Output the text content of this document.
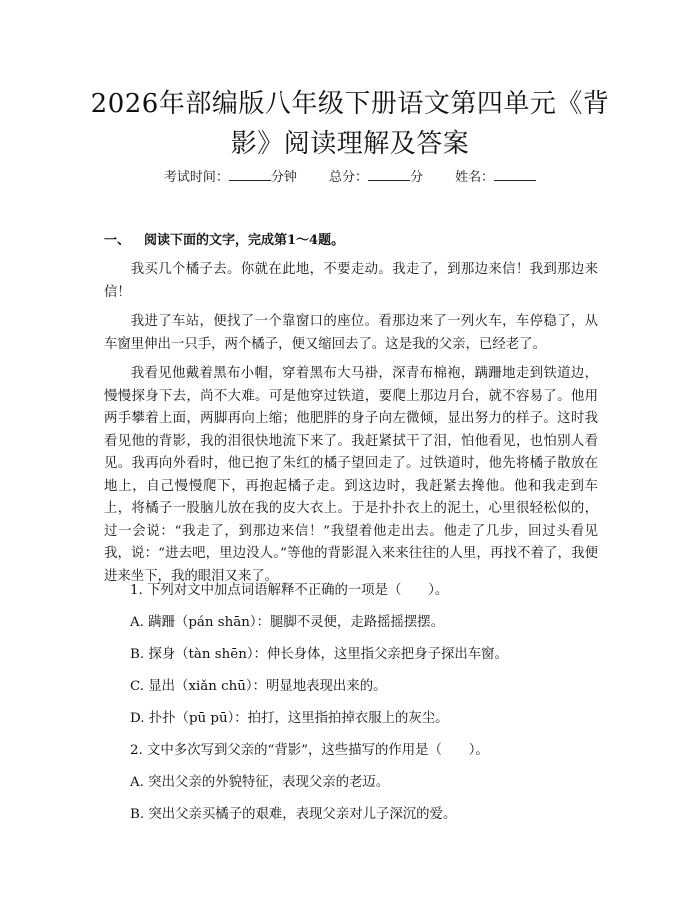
2026年部编版八年级下册语文第四单元《背影》阅读理解及答案
考试时间：	分钟 总分：	分 姓名：
一、 阅读下面的文字，完成第1～4题。

我买几个橘子去。你就在此地，不要走动。我走了，到那边来信！我到那边来信！

我进了车站，便找了一个靠窗口的座位。看那边来了一列火车，车停稳了，从车窗里伸出一只手，两个橘子，便又缩回去了。这是我的父亲，已经老了。

我看见他戴着黑布小帽，穿着黑布大马褂，深青布棉袍，蹒跚地走到铁道边，慢慢探身下去，尚不大难。可是他穿过铁道，要爬上那边月台，就不容易了。他用两手攀着上面，两脚再向上缩；他肥胖的身子向左微倾，显出努力的样子。这时我看见他的背影，我的泪很快地流下来了。我赶紧拭干了泪，怕他看见，也怕别人看见。我再向外看时，他已抱了朱红的橘子望回走了。过铁道时，他先将橘子散放在地上，自己慢慢爬下，再抱起橘子走。到这边时，我赶紧去搀他。他和我走到车上，将橘子一股脑儿放在我的皮大衣上。于是扑扑衣上的泥土，心里很轻松似的，过一会说：“我走了，到那边来信！”我望着他走出去。他走了几步，回过头看见我，说：“进去吧，里边没人。”等他的背影混入来来往往的人里，再找不着了，我便进来坐下，我的眼泪又来了。

1. 下列对文中加点词语解释不正确的一项是（　　）。

A. 蹒跚（pán shān）：腿脚不灵便，走路摇摇摆摆。

B. 探身（tàn shēn）：伸长身体，这里指父亲把身子探出车窗。

C. 显出（xiǎn chū）：明显地表现出来的。

D. 扑扑（pū pū）：拍打，这里指拍掉衣服上的灰尘。

2. 文中多次写到父亲的“背影”，这些描写的作用是（　　）。

A. 突出父亲的外貌特征，表现父亲的老迈。

B. 突出父亲买橘子的艰难，表现父亲对儿子深沉的爱。
